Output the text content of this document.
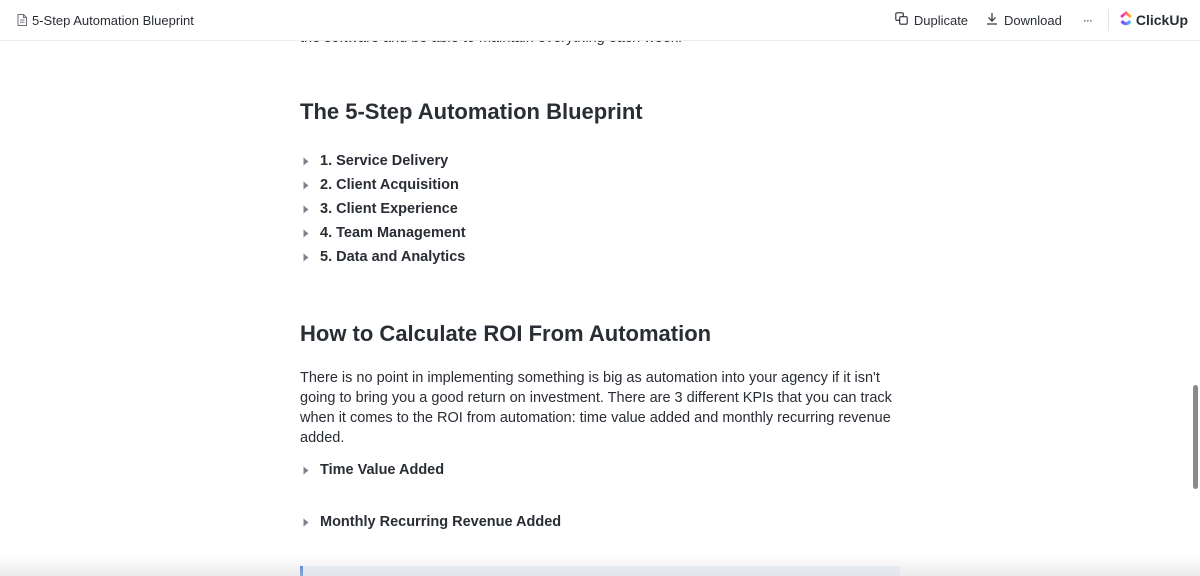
5-Step Automation Blueprint	Duplicate	Download ···	ClickUp
The 5-Step Automation Blueprint
1. Service Delivery
2. Client Acquisition
3. Client Experience
4. Team Management
5. Data and Analytics
How to Calculate ROI From Automation

There is no point in implementing something is big as automation into your agency if it isn't going to bring you a good return on investment. There are 3 different KPIs that you can track when it comes to the ROI from automation: time value added and monthly recurring revenue added.

Time Value Added
Monthly Recurring Revenue Added
